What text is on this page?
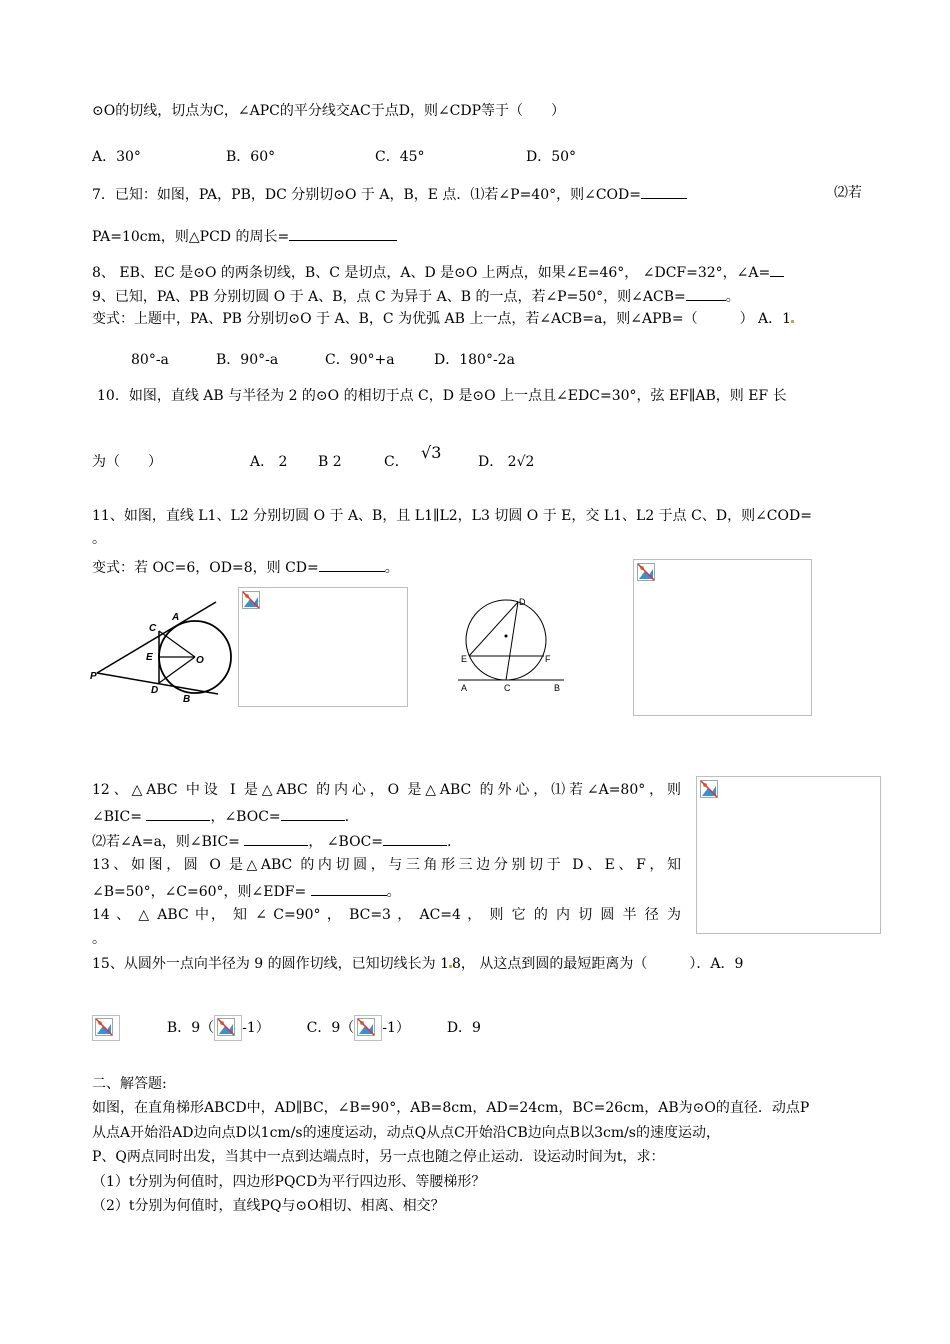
⊙O的切线，切点为C，∠APC的平分线交AC于点D，则∠CDP等于（　　）
A．30°	B．60°	C．45°	D．50°
7．已知：如图，PA，PB，DC 分别切⊙O 于 A，B，E 点．⑴若∠P=40°，则∠COD=	⑵若
PA=10cm，则△PCD 的周长=
8、 EB、EC 是⊙O 的两条切线，B、C 是切点，A、D 是⊙O 上两点，如果∠E=46°， ∠DCF=32°，∠A=
9、已知，PA、PB 分别切圆 O 于 A、B，点 C 为异于 A、B 的一点，若∠P=50°，则∠ACB=	。
变式：上题中，PA、PB 分别切⊙O 于 A、B，C 为优弧 AB 上一点，若∠ACB=a，则∠APB=（　　　） A．1
80°-a	B．90°-a	C．90°+a	D．180°-2a
10．如图，直线 AB 与半径为 2 的⊙O 的相切于点 C，D 是⊙O 上一点且∠EDC=30°，弦 EF∥AB，则 EF 长
为（　　）	A． 2 B 2	C． √3	D． 2√2
11、如图，直线 L1、L2 分别切圆 O 于 A、B，且 L1∥L2，L3 切圆 O 于 E，交 L1、L2 于点 C、D，则∠COD=
。
变式：若 OC=6，OD=8，则 CD=	。
A
C
E	O
P
D
B
D
E	F
A	C	B
12、△ABC 中设 I 是△ABC 的内心，O 是△ABC 的外心，⑴若∠A=80°，则
∠BIC=	，∠BOC=	.
⑵若∠A=a，则∠BIC=	， ∠BOC=	.
13、如图，圆 O 是△ABC 的内切圆，与三角形三边分别切于 D、E、F，知
∠B=50°，∠C=60°，则∠EDF=	。
14 、 △ ABC 中， 知 ∠ C=90° ， BC=3 ， AC=4 ， 则 它 的 内 切 圆 半 径 为
。
15、从圆外一点向半径为 9 的圆作切线，已知切线长为 1 8， 从这点到圆的最短距离为（　　　）．A．9
B．9（ -1）	C．9（ -1）	D．9
二、解答题:
如图，在直角梯形ABCD中，AD∥BC，∠B=90°，AB=8cm，AD=24cm，BC=26cm，AB为⊙O的直径．动点P
从点A开始沿AD边向点D以1cm/s的速度运动，动点Q从点C开始沿CB边向点B以3cm/s的速度运动，
P、Q两点同时出发，当其中一点到达端点时，另一点也随之停止运动．设运动时间为t，求：
（1）t分别为何值时，四边形PQCD为平行四边形、等腰梯形？
（2）t分别为何值时，直线PQ与⊙O相切、相离、相交？
